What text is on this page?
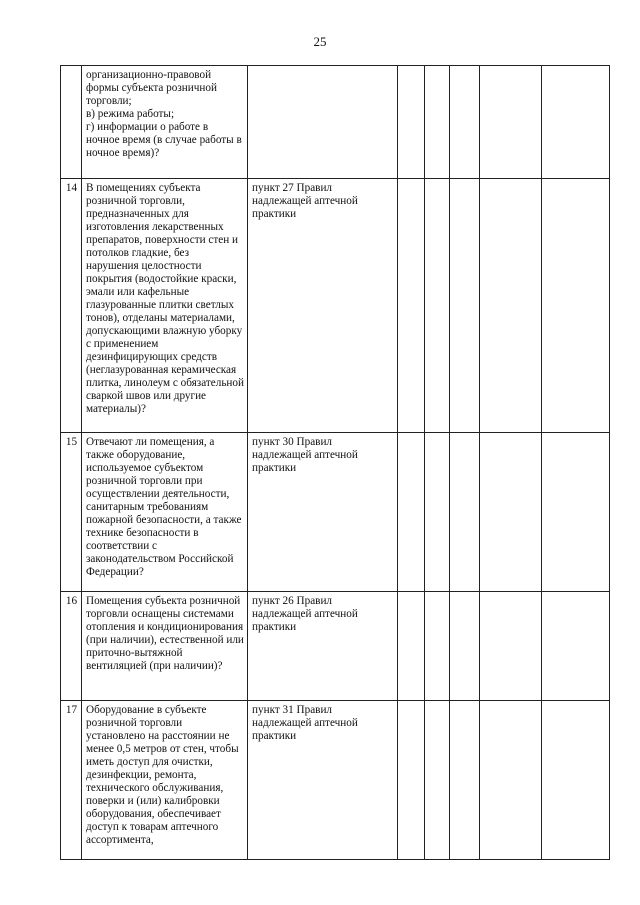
25
	организационно-правовой формы субъекта розничной торговли;
в) режима работы;
г) информации о работе в ночное время (в случае работы в ночное время)?						
14	В помещениях субъекта розничной торговли, предназначенных для изготовления лекарственных препаратов, поверхности стен и потолков гладкие, без нарушения целостности покрытия (водостойкие краски, эмали или кафельные глазурованные плитки светлых тонов), отделаны материалами, допускающими влажную уборку с применением дезинфицирующих средств (неглазурованная керамическая плитка, линолеум с обязательной сваркой швов или другие материалы)?	пункт 27 Правил надлежащей аптечной практики					
15	Отвечают ли помещения, а также оборудование, используемое субъектом розничной торговли при осуществлении деятельности, санитарным требованиям пожарной безопасности, а также технике безопасности в соответствии с законодательством Российской Федерации?	пункт 30 Правил надлежащей аптечной практики					
16	Помещения субъекта розничной торговли оснащены системами отопления и кондиционирования (при наличии), естественной или приточно-вытяжной вентиляцией (при наличии)?	пункт 26 Правил надлежащей аптечной практики					
17	Оборудование в субъекте розничной торговли установлено на расстоянии не менее 0,5 метров от стен, чтобы иметь доступ для очистки, дезинфекции, ремонта, технического обслуживания, поверки и (или) калибровки оборудования, обеспечивает доступ к товарам аптечного ассортимента,	пункт 31 Правил надлежащей аптечной практики					
